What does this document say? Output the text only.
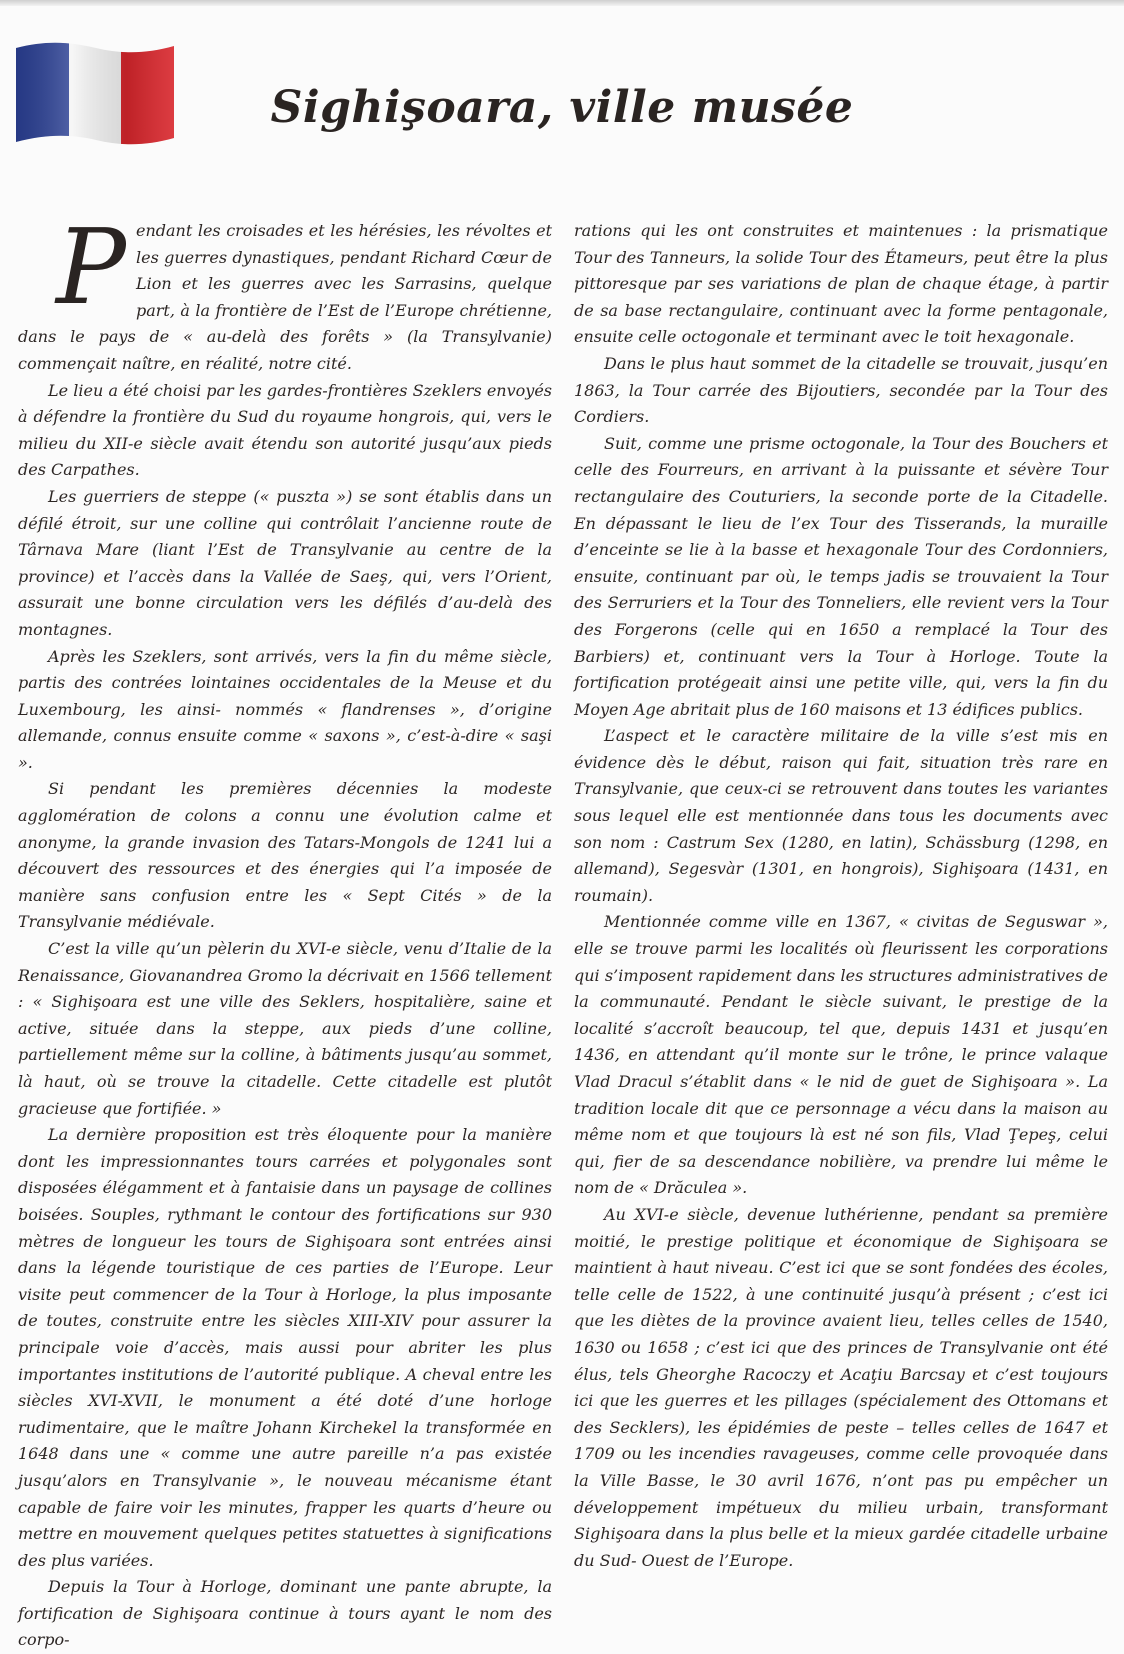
Sighişoara, ville musée

Pendant les croisades et les hérésies, les révoltes et les guerres dynastiques, pendant Richard Cœur de Lion et les guerres avec les Sarrasins, quelque part, à la frontière de l’Est de l’Europe chrétienne, dans le pays de « au-delà des forêts » (la Transylvanie) commençait naître, en réalité, notre cité.

Le lieu a été choisi par les gardes-frontières Szeklers envoyés à défendre la frontière du Sud du royaume hongrois, qui, vers le milieu du XII-e siècle avait étendu son autorité jusqu’aux pieds des Carpathes.

Les guerriers de steppe (« puszta ») se sont établis dans un défilé étroit, sur une colline qui contrôlait l’ancienne route de Târnava Mare (liant l’Est de Transylvanie au centre de la province) et l’accès dans la Vallée de Saeş, qui, vers l’Orient, assurait une bonne circulation vers les défilés d’au-delà des montagnes.

Après les Szeklers, sont arrivés, vers la fin du même siècle, partis des contrées lointaines occidentales de la Meuse et du Luxembourg, les ainsi- nommés « flandrenses », d’origine allemande, connus ensuite comme « saxons », c’est-à-dire « saşi ».

Si pendant les premières décennies la modeste agglomération de colons a connu une évolution calme et anonyme, la grande invasion des Tatars-Mongols de 1241 lui a découvert des ressources et des énergies qui l’a imposée de manière sans confusion entre les « Sept Cités » de la Transylvanie médiévale.

C’est la ville qu’un pèlerin du XVI-e siècle, venu d’Italie de la Renaissance, Giovanandrea Gromo la décrivait en 1566 tellement : « Sighişoara est une ville des Seklers, hospitalière, saine et active, située dans la steppe, aux pieds d’une colline, partiellement même sur la colline, à bâtiments jusqu’au sommet, là haut, où se trouve la citadelle. Cette citadelle est plutôt gracieuse que fortifiée. »

La dernière proposition est très éloquente pour la manière dont les impressionnantes tours carrées et polygonales sont disposées élégamment et à fantaisie dans un paysage de collines boisées. Souples, rythmant le contour des fortifications sur 930 mètres de longueur les tours de Sighişoara sont entrées ainsi dans la légende touristique de ces parties de l’Europe. Leur visite peut commencer de la Tour à Horloge, la plus imposante de toutes, construite entre les siècles XIII-XIV pour assurer la principale voie d’accès, mais aussi pour abriter les plus importantes institutions de l’autorité publique. A cheval entre les siècles XVI-XVII, le monument a été doté d’une horloge rudimentaire, que le maître Johann Kirchekel la transformée en 1648 dans une « comme une autre pareille n’a pas existée jusqu’alors en Transylvanie », le nouveau mécanisme étant capable de faire voir les minutes, frapper les quarts d’heure ou mettre en mouvement quelques petites statuettes à significations des plus variées.

Depuis la Tour à Horloge, dominant une pante abrupte, la fortification de Sighişoara continue à tours ayant le nom des corpo-

rations qui les ont construites et maintenues : la prismatique Tour des Tanneurs, la solide Tour des Étameurs, peut être la plus pittoresque par ses variations de plan de chaque étage, à partir de sa base rectangulaire, continuant avec la forme pentagonale, ensuite celle octogonale et terminant avec le toit hexagonale.

Dans le plus haut sommet de la citadelle se trouvait, jusqu’en 1863, la Tour carrée des Bijoutiers, secondée par la Tour des Cordiers.

Suit, comme une prisme octogonale, la Tour des Bouchers et celle des Fourreurs, en arrivant à la puissante et sévère Tour rectangulaire des Couturiers, la seconde porte de la Citadelle. En dépassant le lieu de l’ex Tour des Tisserands, la muraille d’enceinte se lie à la basse et hexagonale Tour des Cordonniers, ensuite, continuant par où, le temps jadis se trouvaient la Tour des Serruriers et la Tour des Tonneliers, elle revient vers la Tour des Forgerons (celle qui en 1650 a remplacé la Tour des Barbiers) et, continuant vers la Tour à Horloge. Toute la fortification protégeait ainsi une petite ville, qui, vers la fin du Moyen Age abritait plus de 160 maisons et 13 édifices publics.

L’aspect et le caractère militaire de la ville s’est mis en évidence dès le début, raison qui fait, situation très rare en Transylvanie, que ceux-ci se retrouvent dans toutes les variantes sous lequel elle est mentionnée dans tous les documents avec son nom : Castrum Sex (1280, en latin), Schässburg (1298, en allemand), Segesvàr (1301, en hongrois), Sighişoara (1431, en roumain).

Mentionnée comme ville en 1367, « civitas de Seguswar », elle se trouve parmi les localités où fleurissent les corporations qui s’imposent rapidement dans les structures administratives de la communauté. Pendant le siècle suivant, le prestige de la localité s’accroît beaucoup, tel que, depuis 1431 et jusqu’en 1436, en attendant qu’il monte sur le trône, le prince valaque Vlad Dracul s’établit dans « le nid de guet de Sighişoara ». La tradition locale dit que ce personnage a vécu dans la maison au même nom et que toujours là est né son fils, Vlad Ţepeş, celui qui, fier de sa descendance nobilière, va prendre lui même le nom de « Drăculea ».

Au XVI-e siècle, devenue luthérienne, pendant sa première moitié, le prestige politique et économique de Sighişoara se maintient à haut niveau. C’est ici que se sont fondées des écoles, telle celle de 1522, à une continuité jusqu’à présent ; c’est ici que les diètes de la province avaient lieu, telles celles de 1540, 1630 ou 1658 ; c’est ici que des princes de Transylvanie ont été élus, tels Gheorghe Racoczy et Acaţiu Barcsay et c’est toujours ici que les guerres et les pillages (spécialement des Ottomans et des Secklers), les épidémies de peste – telles celles de 1647 et 1709 ou les incendies ravageuses, comme celle provoquée dans la Ville Basse, le 30 avril 1676, n’ont pas pu empêcher un développement impétueux du milieu urbain, transformant Sighişoara dans la plus belle et la mieux gardée citadelle urbaine du Sud- Ouest de l’Europe.
